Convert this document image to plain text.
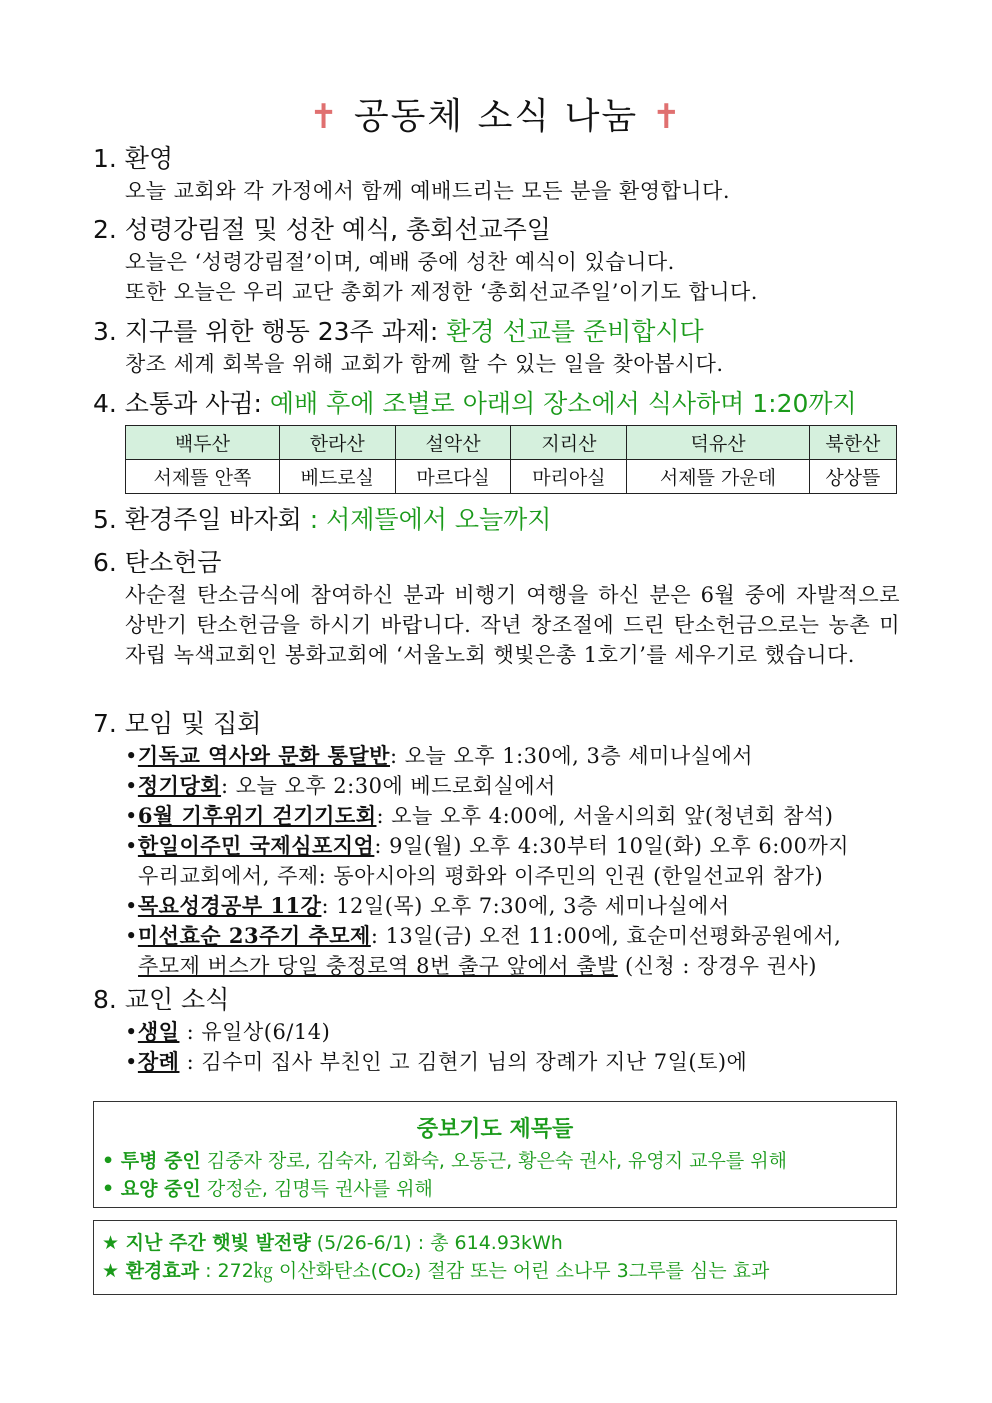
✝ 공동체 소식 나눔 ✝
1. 환영
오늘 교회와 각 가정에서 함께 예배드리는 모든 분을 환영합니다.
2. 성령강림절 및 성찬 예식, 총회선교주일
오늘은 ‘성령강림절’이며, 예배 중에 성찬 예식이 있습니다.
또한 오늘은 우리 교단 총회가 제정한 ‘총회선교주일’이기도 합니다.
3. 지구를 위한 행동 23주 과제: 환경 선교를 준비합시다
창조 세계 회복을 위해 교회가 함께 할 수 있는 일을 찾아봅시다.
4. 소통과 사귐: 예배 후에 조별로 아래의 장소에서 식사하며 1:20까지
백두산	한라산	설악산	지리산	덕유산	북한산
서제뜰 안쪽	베드로실	마르다실	마리아실	서제뜰 가운데	상상뜰
5. 환경주일 바자회 : 서제뜰에서 오늘까지
6. 탄소헌금
사순절 탄소금식에 참여하신 분과 비행기 여행을 하신 분은 6월 중에 자발적으로 상반기 탄소헌금을 하시기 바랍니다. 작년 창조절에 드린 탄소헌금으로는 농촌 미자립 녹색교회인 봉화교회에 ‘서울노회 햇빛은총 1호기’를 세우기로 했습니다.
7. 모임 및 집회
•기독교 역사와 문화 통달반: 오늘 오후 1:30에, 3층 세미나실에서
•정기당회: 오늘 오후 2:30에 베드로회실에서
•6월 기후위기 걷기기도회: 오늘 오후 4:00에, 서울시의회 앞(청년회 참석)
•한일이주민 국제심포지엄: 9일(월) 오후 4:30부터 10일(화) 오후 6:00까지
우리교회에서, 주제: 동아시아의 평화와 이주민의 인권 (한일선교위 참가)
•목요성경공부 11강: 12일(목) 오후 7:30에, 3층 세미나실에서
•미선효순 23주기 추모제: 13일(금) 오전 11:00에, 효순미선평화공원에서,
추모제 버스가 당일 충정로역 8번 출구 앞에서 출발 (신청 : 장경우 권사)
8. 교인 소식
•생일 : 유일상(6/14)
•장례 : 김수미 집사 부친인 고 김현기 님의 장례가 지난 7일(토)에
중보기도 제목들
• 투병 중인 김중자 장로, 김숙자, 김화숙, 오동근, 황은숙 권사, 유영지 교우를 위해
• 요양 중인 강정순, 김명득 권사를 위해
★ 지난 주간 햇빛 발전량 (5/26-6/1) : 총 614.93kWh
★ 환경효과 : 272㎏ 이산화탄소(CO₂) 절감 또는 어린 소나무 3그루를 심는 효과
